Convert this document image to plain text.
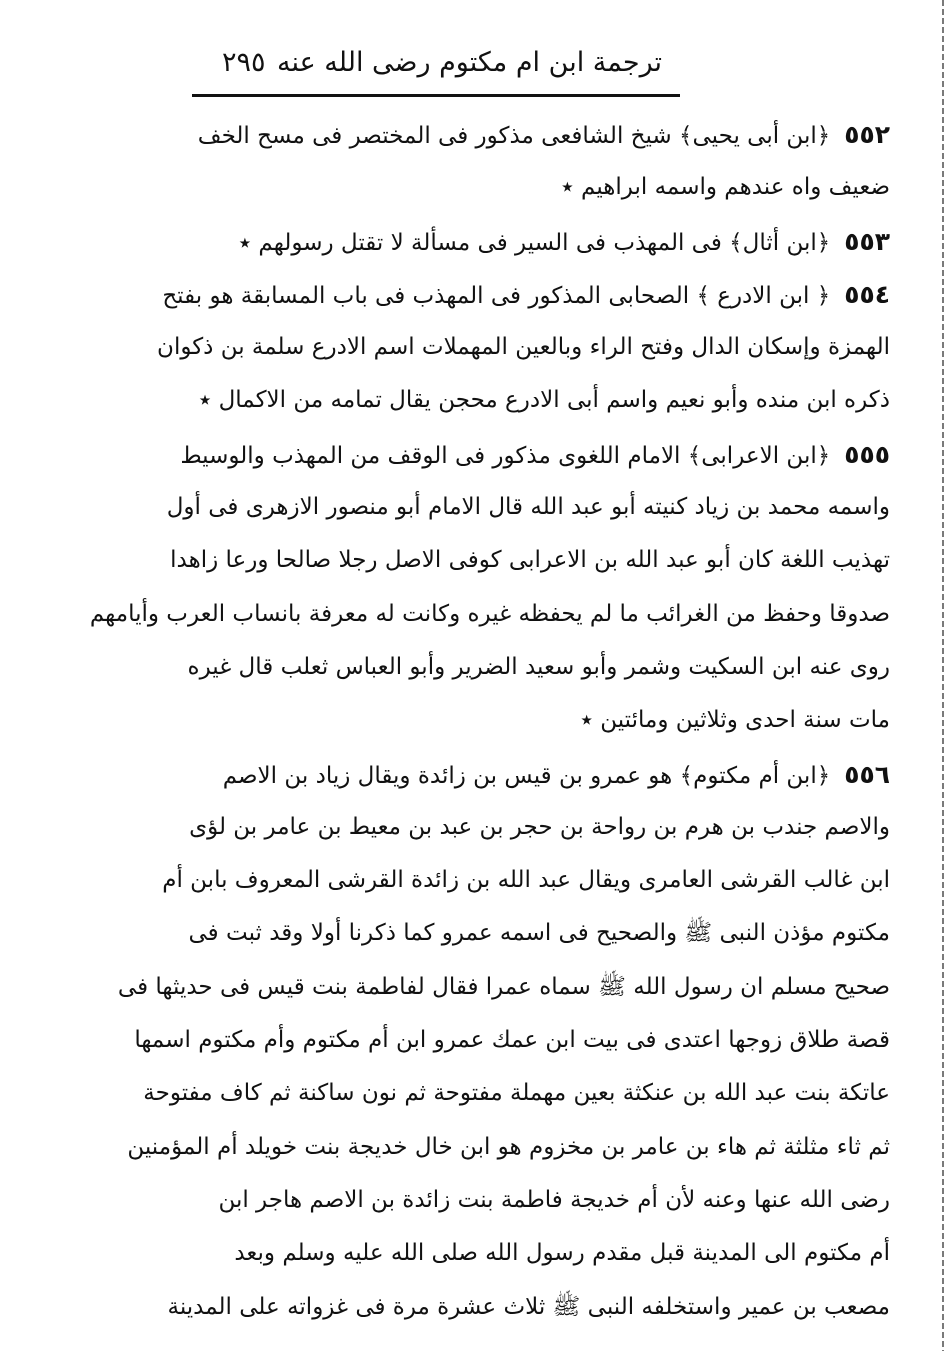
ترجمة ابن ام مكتوم رضى الله عنه
٢٩٥
٥٥٢﴿ابن أبى يحيى﴾ شيخ الشافعى مذكور فى المختصر فى مسح الخف
ضعيف واه عندهم واسمه ابراهيم ٭
٥٥٣﴿ابن أثال﴾ فى المهذب فى السير فى مسألة لا تقتل رسولهم ٭
٥٥٤﴿ ابن الادرع ﴾ الصحابى المذكور فى المهذب فى باب المسابقة هو بفتح
الهمزة وإسكان الدال وفتح الراء وبالعين المهملات اسم الادرع سلمة بن ذكوان
ذكره ابن منده وأبو نعيم واسم أبى الادرع محجن يقال تمامه من الاكمال ٭
٥٥٥﴿ابن الاعرابى﴾ الامام اللغوى مذكور فى الوقف من المهذب والوسيط
واسمه محمد بن زياد كنيته أبو عبد الله قال الامام أبو منصور الازهرى فى أول
تهذيب اللغة كان أبو عبد الله بن الاعرابى كوفى الاصل رجلا صالحا ورعا زاهدا
صدوقا وحفظ من الغرائب ما لم يحفظه غيره وكانت له معرفة بانساب العرب وأيامهم
روى عنه ابن السكيت وشمر وأبو سعيد الضرير وأبو العباس ثعلب قال غيره
مات سنة احدى وثلاثين ومائتين ٭
٥٥٦﴿ابن أم مكتوم﴾ هو عمرو بن قيس بن زائدة ويقال زياد بن الاصم
والاصم جندب بن هرم بن رواحة بن حجر بن عبد بن معيط بن عامر بن لؤى
ابن غالب القرشى العامرى ويقال عبد الله بن زائدة القرشى المعروف بابن أم
مكتوم مؤذن النبى ﷺ والصحيح فى اسمه عمرو كما ذكرنا أولا وقد ثبت فى
صحيح مسلم ان رسول الله ﷺ سماه عمرا فقال لفاطمة بنت قيس فى حديثها فى
قصة طلاق زوجها اعتدى فى بيت ابن عمك عمرو ابن أم مكتوم وأم مكتوم اسمها
عاتكة بنت عبد الله بن عنكثة بعين مهملة مفتوحة ثم نون ساكنة ثم كاف مفتوحة
ثم ثاء مثلثة ثم هاء بن عامر بن مخزوم هو ابن خال خديجة بنت خويلد أم المؤمنين
رضى الله عنها وعنه لأن أم خديجة فاطمة بنت زائدة بن الاصم هاجر ابن
أم مكتوم الى المدينة قبل مقدم رسول الله صلى الله عليه وسلم وبعد
مصعب بن عمير واستخلفه النبى ﷺ ثلاث عشرة مرة فى غزواته على المدينة
